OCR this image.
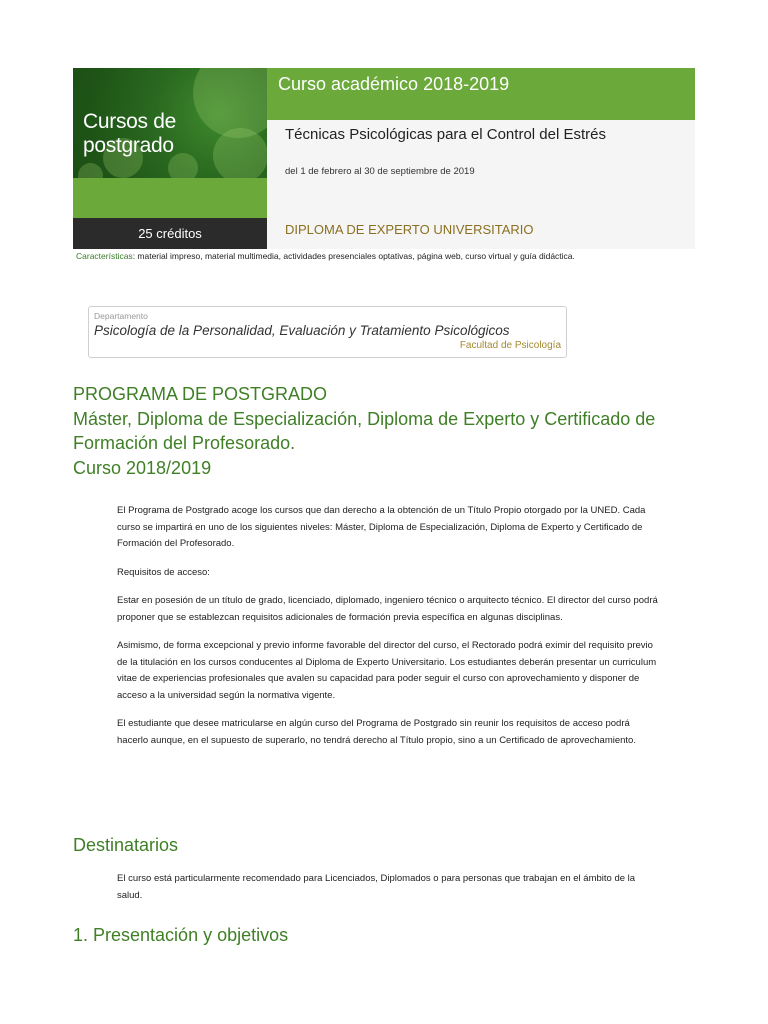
Cursos de postgrado
25 créditos
Curso académico 2018-2019
Técnicas Psicológicas para el Control del Estrés
del 1 de febrero al 30 de septiembre de 2019
DIPLOMA DE EXPERTO UNIVERSITARIO
Características: material impreso, material multimedia, actividades presenciales optativas, página web, curso virtual y guía didáctica.
Departamento
Psicología de la Personalidad, Evaluación y Tratamiento Psicológicos
Facultad de Psicología
PROGRAMA DE POSTGRADO
Máster, Diploma de Especialización, Diploma de Experto y Certificado de Formación del Profesorado.
Curso 2018/2019
El Programa de Postgrado acoge los cursos que dan derecho a la obtención de un Título Propio otorgado por la UNED. Cada curso se impartirá en uno de los siguientes niveles: Máster, Diploma de Especialización, Diploma de Experto y Certificado de Formación del Profesorado.
Requisitos de acceso:
Estar en posesión de un título de grado, licenciado, diplomado, ingeniero técnico o arquitecto técnico. El director del curso podrá proponer que se establezcan requisitos adicionales de formación previa específica en algunas disciplinas.
Asimismo, de forma excepcional y previo informe favorable del director del curso, el Rectorado podrá eximir del requisito previo de la titulación en los cursos conducentes al Diploma de Experto Universitario. Los estudiantes deberán presentar un curriculum vitae de experiencias profesionales que avalen su capacidad para poder seguir el curso con aprovechamiento y disponer de acceso a la universidad según la normativa vigente.
El estudiante que desee matricularse en algún curso del Programa de Postgrado sin reunir los requisitos de acceso podrá hacerlo aunque, en el supuesto de superarlo, no tendrá derecho al Título propio, sino a un Certificado de aprovechamiento.
Destinatarios
El curso está particularmente recomendado para Licenciados, Diplomados o para personas que trabajan en el ámbito de la salud.
1. Presentación y objetivos
